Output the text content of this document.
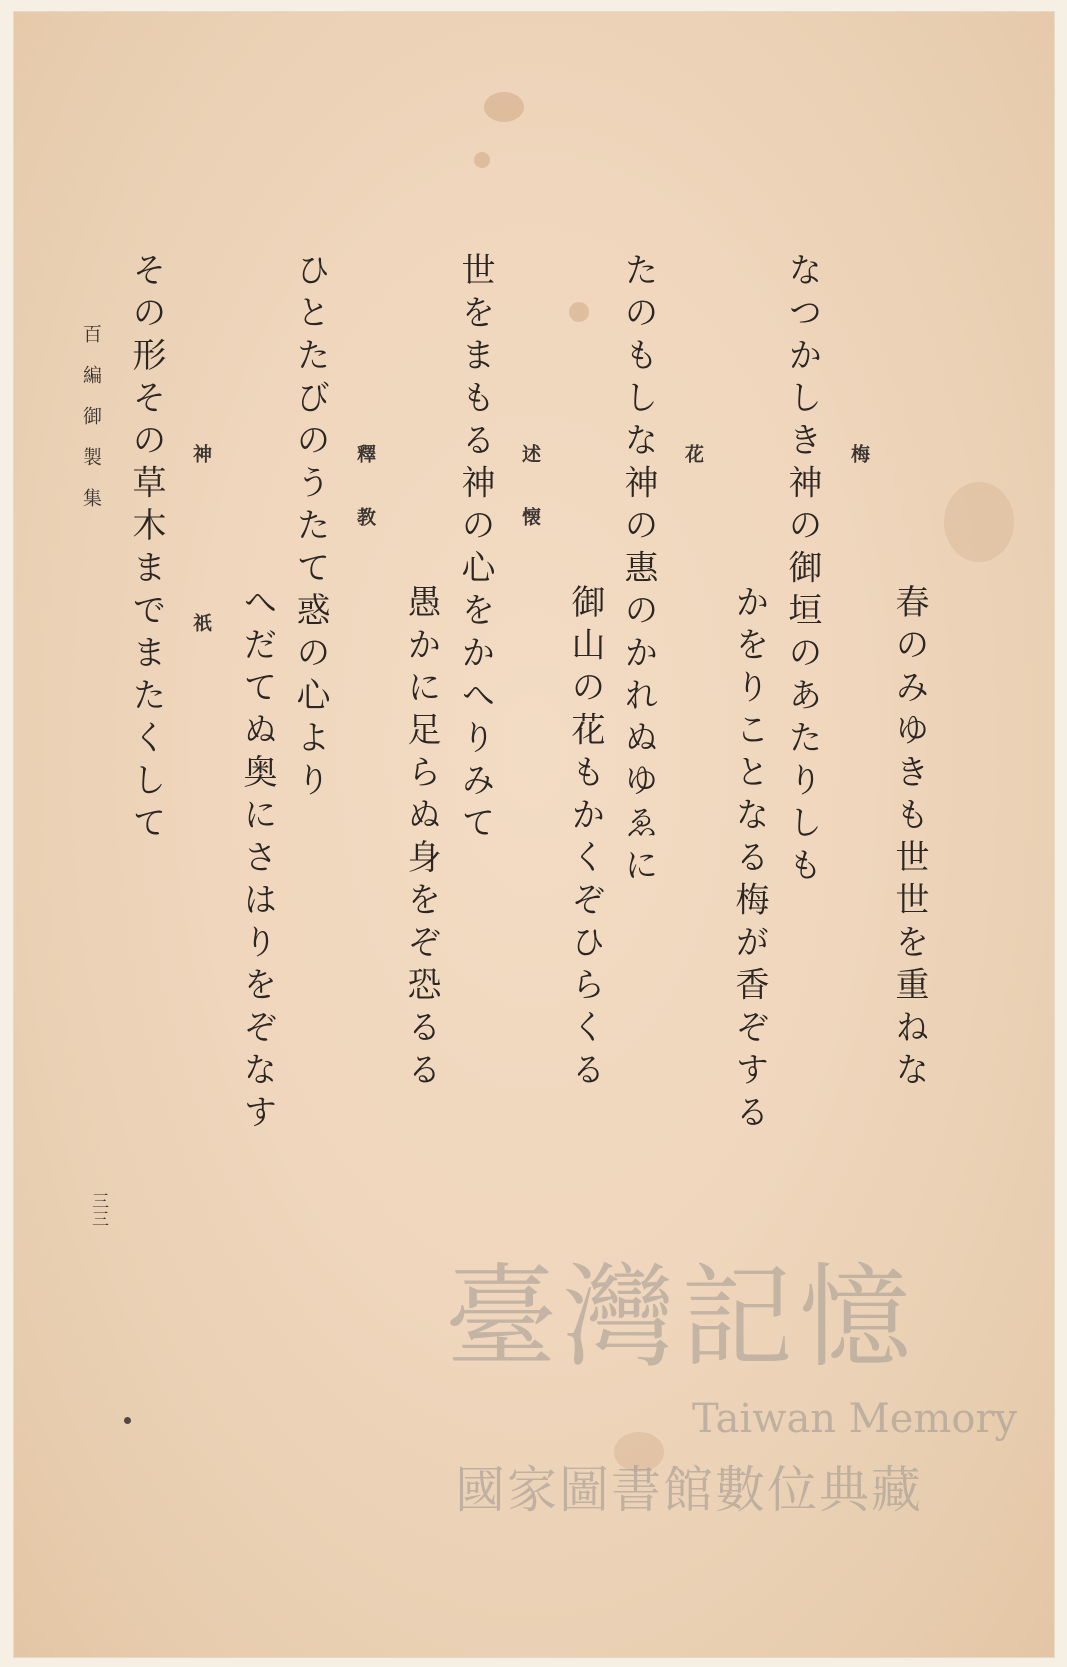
梅
春のみゆきも世世を重ねな
なつかしき神の御垣のあたりしも
かをりことなる梅が香ぞする
花
たのもしな神の惠のかれぬゆゑに
御山の花もかくぞひらくる
述懐
世をまもる神の心をかへりみて
愚かに足らぬ身をぞ恐るる
釋教
ひとたびのうたて惑の心より
へだてぬ奥にさはりをぞなす
神祇
その形その草木までまたくして
百編御製集
三三
臺灣記憶
Taiwan Memory
國家圖書館數位典藏
